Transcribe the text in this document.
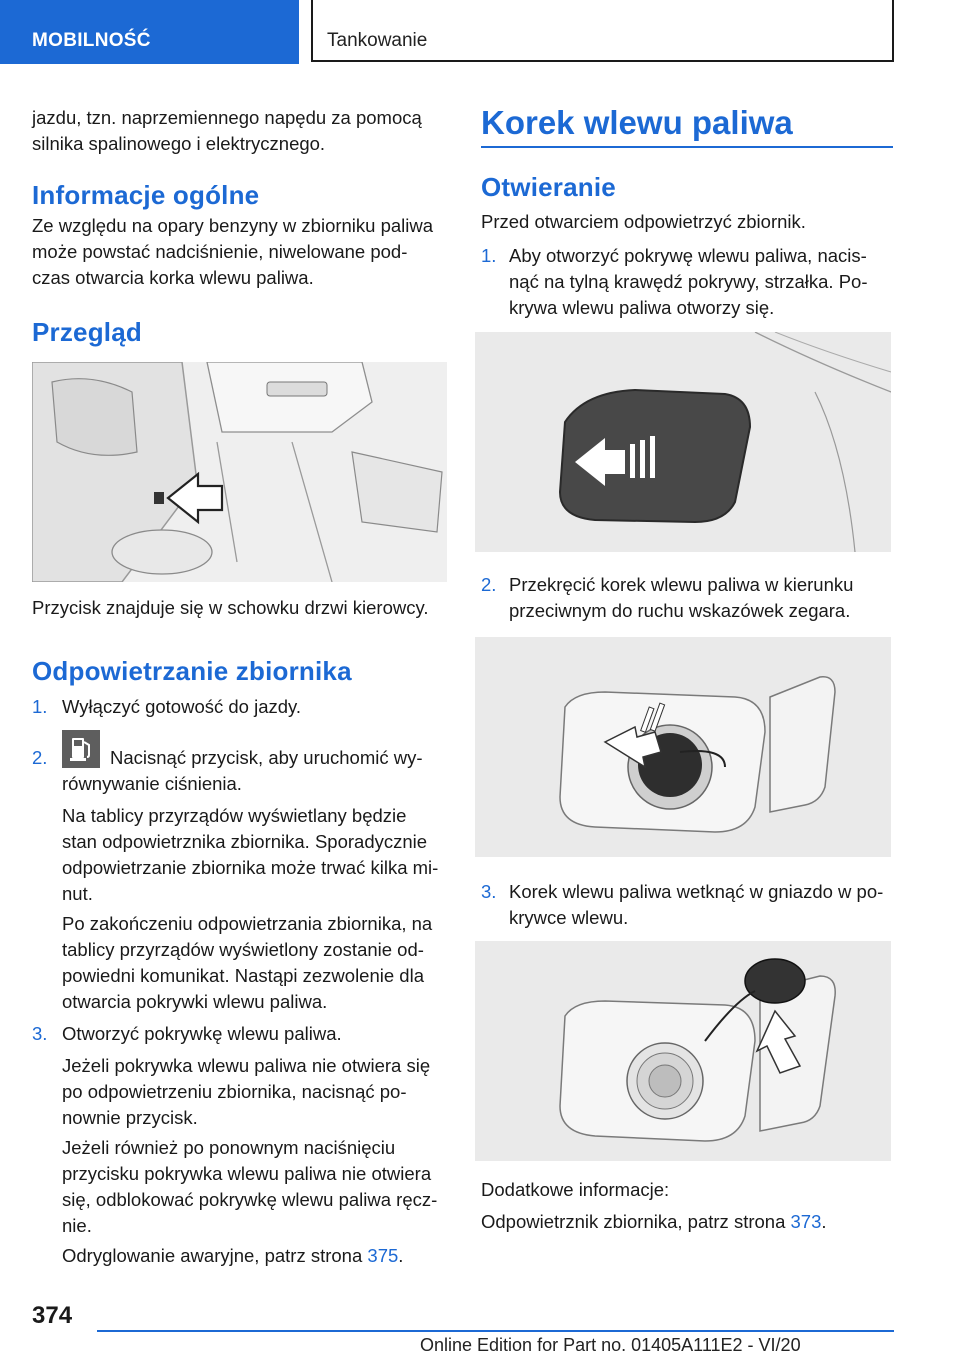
MOBILNOŚĆ	Tankowanie

jazdu, tzn. naprzemiennego napędu za pomocą

silnika spalinowego i elektrycznego.

Informacje ogólne

Ze względu na opary benzyny w zbiorniku paliwa

może powstać nadciśnienie, niwelowane pod‐

czas otwarcia korka wlewu paliwa.

Przegląd

Przycisk znajduje się w schowku drzwi kierowcy.

Odpowietrzanie zbiornika
1. Wyłączyć gotowość do jazdy.

2.	Nacisnąć przycisk, aby uruchomić wy‐

równywanie ciśnienia.

Na tablicy przyrządów wyświetlany będzie

stan odpowietrznika zbiornika. Sporadycznie

odpowietrzanie zbiornika może trwać kilka mi‐

nut.

Po zakończeniu odpowietrzania zbiornika, na

tablicy przyrządów wyświetlony zostanie od‐

powiedni komunikat. Nastąpi zezwolenie dla

otwarcia pokrywki wlewu paliwa.

3. Otworzyć pokrywkę wlewu paliwa.

Jeżeli pokrywka wlewu paliwa nie otwiera się

po odpowietrzeniu zbiornika, nacisnąć po‐

nownie przycisk.

Jeżeli również po ponownym naciśnięciu

przycisku pokrywka wlewu paliwa nie otwiera

się, odblokować pokrywkę wlewu paliwa ręcz‐

nie.

Odryglowanie awaryjne, patrz strona 375.

Korek wlewu paliwa
Otwieranie

Przed otwarciem odpowietrzyć zbiornik.

1. Aby otworzyć pokrywę wlewu paliwa, nacis‐

nąć na tylną krawędź pokrywy, strzałka. Po‐

krywa wlewu paliwa otworzy się.

2. Przekręcić korek wlewu paliwa w kierunku

przeciwnym do ruchu wskazówek zegara.

3. Korek wlewu paliwa wetknąć w gniazdo w po‐

krywce wlewu.

Dodatkowe informacje:

Odpowietrznik zbiornika, patrz strona 373.

374
Online Edition for Part no. 01405A111E2 - VI/20
